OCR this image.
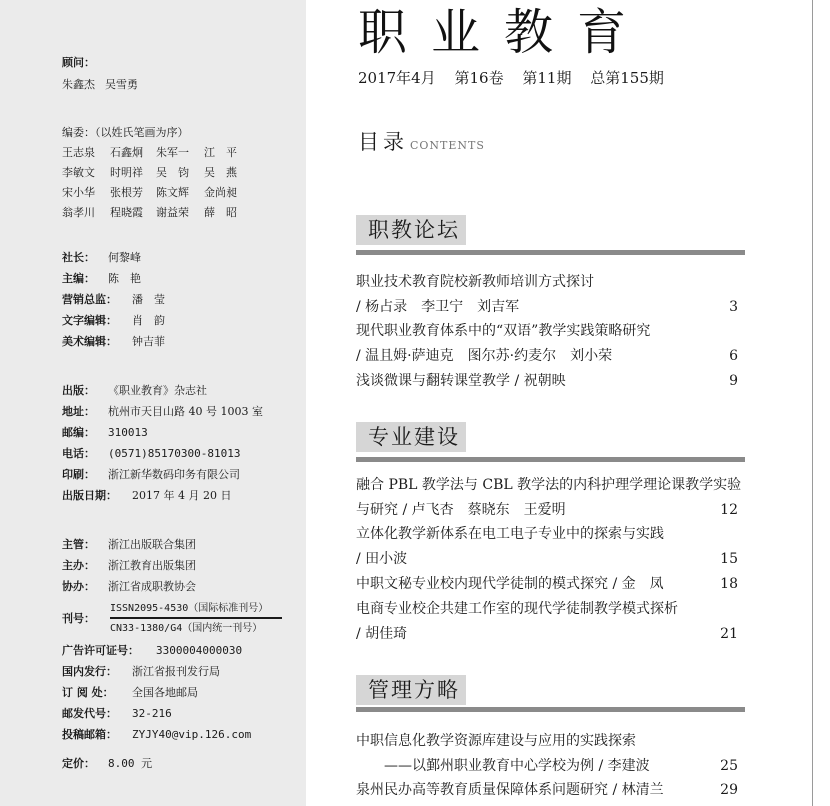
顾问：
朱鑫杰 吴雪勇
编委：（以姓氏笔画为序）
王志泉	石鑫炯	朱军一	江　平
李敏文	时明祥	吴　钧	吴　燕
宋小华	张根芳	陈文辉	金尚昶
翁孝川	程晓霞	谢益荣	薛　昭
社长： 何黎峰
主编： 陈　艳
营销总监： 潘　莹
文字编辑： 肖　韵
美术编辑： 钟吉菲
出版： 《职业教育》杂志社
地址： 杭州市天目山路 40 号 1003 室
邮编： 310013
电话： (0571)85170300-81013
印刷： 浙江新华数码印务有限公司
出版日期： 2017 年 4 月 20 日
主管： 浙江出版联合集团
主办： 浙江教育出版集团
协办： 浙江省成职教协会
刊号：
ISSN2095-4530（国际标准刊号）
CN33-1380/G4（国内统一刊号）
广告许可证号： 3300004000030
国内发行： 浙江省报刊发行局
订 阅 处： 全国各地邮局
邮发代号： 32-216
投稿邮箱： ZYJY40@vip.126.com
定价： 8.00 元
职业教育
2017年4月 第16卷 第11期 总第155期
目录 CONTENTS
职教论坛
职业技术教育院校新教师培训方式探讨
/ 杨占录　李卫宁　刘吉军	3
现代职业教育体系中的“双语”教学实践策略研究
/ 温且姆·萨迪克　图尔苏·约麦尔　刘小荣	6
浅谈微课与翻转课堂教学 / 祝朝映	9
专业建设
融合 PBL 教学法与 CBL 教学法的内科护理学理论课教学实验
与研究 / 卢飞杏　蔡晓东　王爱明	12
立体化教学新体系在电工电子专业中的探索与实践
/ 田小波	15
中职文秘专业校内现代学徒制的模式探究 / 金　凤	18
电商专业校企共建工作室的现代学徒制教学模式探析
/ 胡佳琦	21
管理方略
中职信息化教学资源库建设与应用的实践探索
　　——以鄞州职业教育中心学校为例 / 李建波	25
泉州民办高等教育质量保障体系问题研究 / 林清兰	29
